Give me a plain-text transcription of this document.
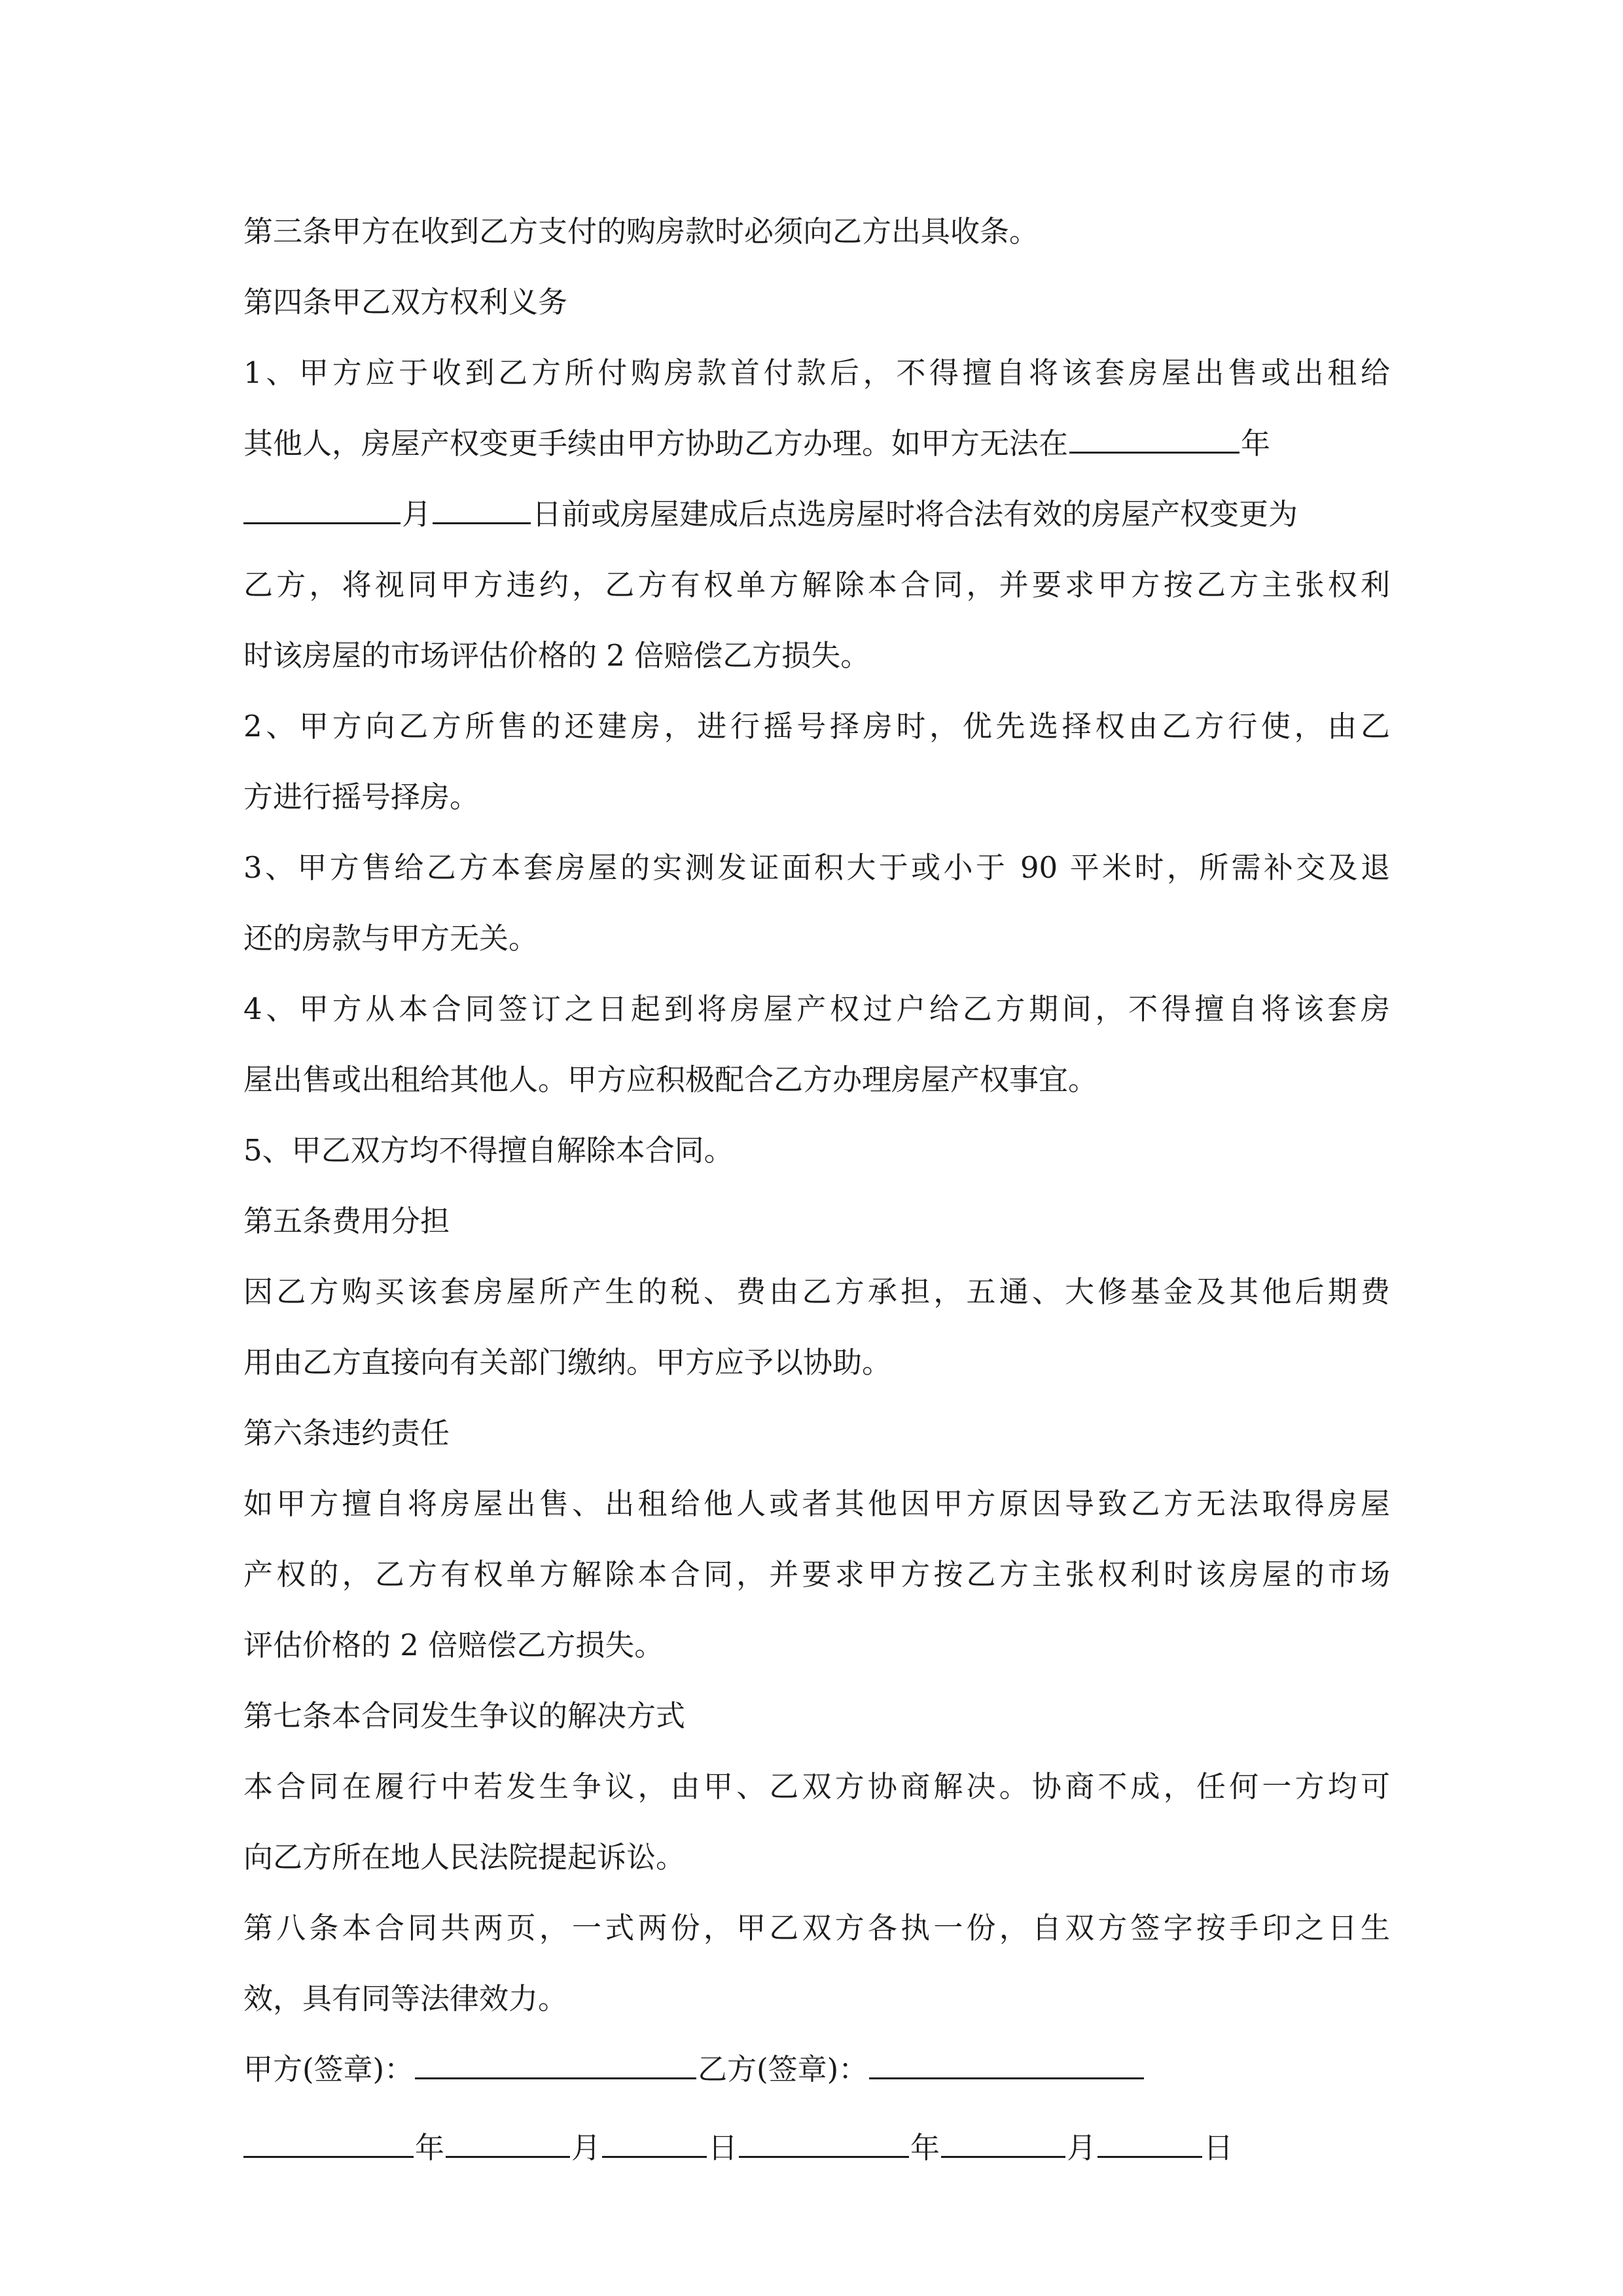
第三条甲方在收到乙方支付的购房款时必须向乙方出具收条。
第四条甲乙双方权利义务
1、甲方应于收到乙方所付购房款首付款后，不得擅自将该套房屋出售或出租给
其他人，房屋产权变更手续由甲方协助乙方办理。如甲方无法在	年
月	日前或房屋建成后点选房屋时将合法有效的房屋产权变更为
乙方，将视同甲方违约，乙方有权单方解除本合同，并要求甲方按乙方主张权利
时该房屋的市场评估价格的 2 倍赔偿乙方损失。
2、甲方向乙方所售的还建房，进行摇号择房时，优先选择权由乙方行使，由乙
方进行摇号择房。
3、甲方售给乙方本套房屋的实测发证面积大于或小于 90 平米时，所需补交及退
还的房款与甲方无关。
4、甲方从本合同签订之日起到将房屋产权过户给乙方期间，不得擅自将该套房
屋出售或出租给其他人。甲方应积极配合乙方办理房屋产权事宜。
5、甲乙双方均不得擅自解除本合同。
第五条费用分担
因乙方购买该套房屋所产生的税、费由乙方承担，五通、大修基金及其他后期费
用由乙方直接向有关部门缴纳。甲方应予以协助。
第六条违约责任
如甲方擅自将房屋出售、出租给他人或者其他因甲方原因导致乙方无法取得房屋
产权的，乙方有权单方解除本合同，并要求甲方按乙方主张权利时该房屋的市场
评估价格的 2 倍赔偿乙方损失。
第七条本合同发生争议的解决方式
本合同在履行中若发生争议，由甲、乙双方协商解决。协商不成，任何一方均可
向乙方所在地人民法院提起诉讼。
第八条本合同共两页，一式两份，甲乙双方各执一份，自双方签字按手印之日生
效，具有同等法律效力。
甲方(签章)：	乙方(签章)：
年	月	日	年	月	日
